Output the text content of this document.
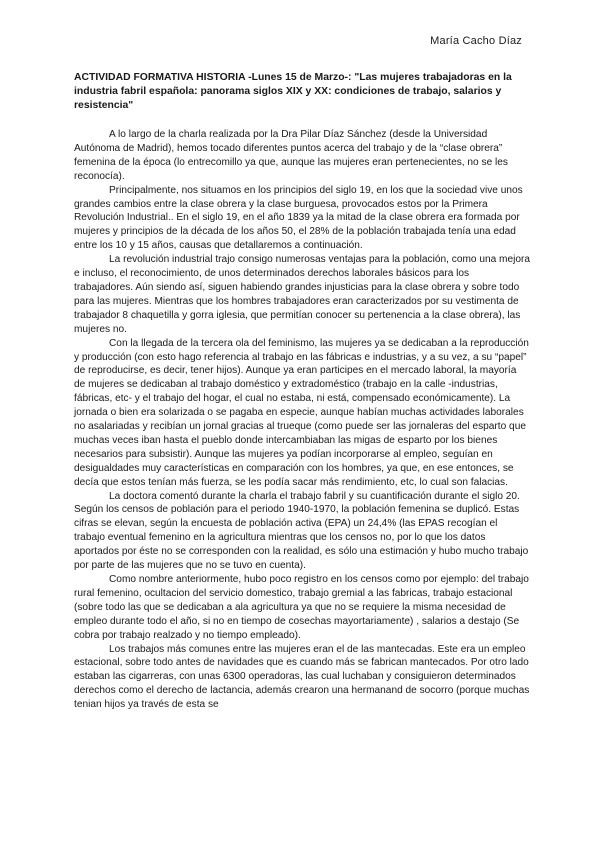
María Cacho Díaz
ACTIVIDAD FORMATIVA HISTORIA -Lunes 15 de Marzo-: "Las mujeres trabajadoras en la industria fabril española: panorama siglos XIX y XX: condiciones de trabajo, salarios y resistencia"

A lo largo de la charla realizada por la Dra Pilar Díaz Sánchez (desde la Universidad Autónoma de Madrid), hemos tocado diferentes puntos acerca del trabajo y de la “clase obrera” femenina de la época (lo entrecomillo ya que, aunque las mujeres eran pertenecientes, no se les reconocía).

Principalmente, nos situamos en los principios del siglo 19, en los que la sociedad vive unos grandes cambios entre la clase obrera y la clase burguesa, provocados estos por la Primera Revolución Industrial.. En el siglo 19, en el año 1839 ya la mitad de la clase obrera era formada por mujeres y principios de la década de los años 50, el 28% de la población trabajada tenía una edad entre los 10 y 15 años, causas que detallaremos a continuación.

La revolución industrial trajo consigo numerosas ventajas para la población, como una mejora e incluso, el reconocimiento, de unos determinados derechos laborales básicos para los trabajadores. Aún siendo así, siguen habiendo grandes injusticias para la clase obrera y sobre todo para las mujeres. Mientras que los hombres trabajadores eran caracterizados por su vestimenta de trabajador 8 chaquetilla y gorra iglesia, que permitían conocer su pertenencia a la clase obrera), las mujeres no.

Con la llegada de la tercera ola del feminismo, las mujeres ya se dedicaban a la reproducción y producción (con esto hago referencia al trabajo en las fábricas e industrias, y a su vez, a su “papel” de reproducirse, es decir, tener hijos). Aunque ya eran participes en el mercado laboral, la mayoría de mujeres se dedicaban al trabajo doméstico y extradoméstico (trabajo en la calle -industrias, fábricas, etc- y el trabajo del hogar, el cual no estaba, ni está, compensado económicamente). La jornada o bien era solarizada o se pagaba en especie, aunque habían muchas actividades laborales no asalariadas y recibían un jornal gracias al trueque (como puede ser las jornaleras del esparto que muchas veces iban hasta el pueblo donde intercambiaban las migas de esparto por los bienes necesarios para subsistir). Aunque las mujeres ya podían incorporarse al empleo, seguían en desigualdades muy características en comparación con los hombres, ya que, en ese entonces, se decía que estos tenían más fuerza, se les podía sacar más rendimiento, etc, lo cual son falacias.

La doctora comentó durante la charla el trabajo fabril y su cuantificación durante el siglo 20. Según los censos de población para el periodo 1940-1970, la población femenina se duplicó. Estas cifras se elevan, según la encuesta de población activa (EPA) un 24,4% (las EPAS recogían el trabajo eventual femenino en la agricultura mientras que los censos no, por lo que los datos aportados por éste no se corresponden con la realidad, es sólo una estimación y hubo mucho trabajo por parte de las mujeres que no se tuvo en cuenta).

Como nombre anteriormente, hubo poco registro en los censos como por ejemplo: del trabajo rural femenino, ocultacion del servicio domestico, trabajo gremial a las fabricas, trabajo estacional (sobre todo las que se dedicaban a ala agricultura ya que no se requiere la misma necesidad de empleo durante todo el año, si no en tiempo de cosechas mayortariamente) , salarios a destajo (Se cobra por trabajo realzado y no tiempo empleado).

Los trabajos más comunes entre las mujeres eran el de las mantecadas. Este era un empleo estacional, sobre todo antes de navidades que es cuando más se fabrican mantecados. Por otro lado estaban las cigarreras, con unas 6300 operadoras, las cual luchaban y consiguieron determinados derechos como el derecho de lactancia, además crearon una hermanand de socorro (porque muchas tenian hijos ya través de esta se
